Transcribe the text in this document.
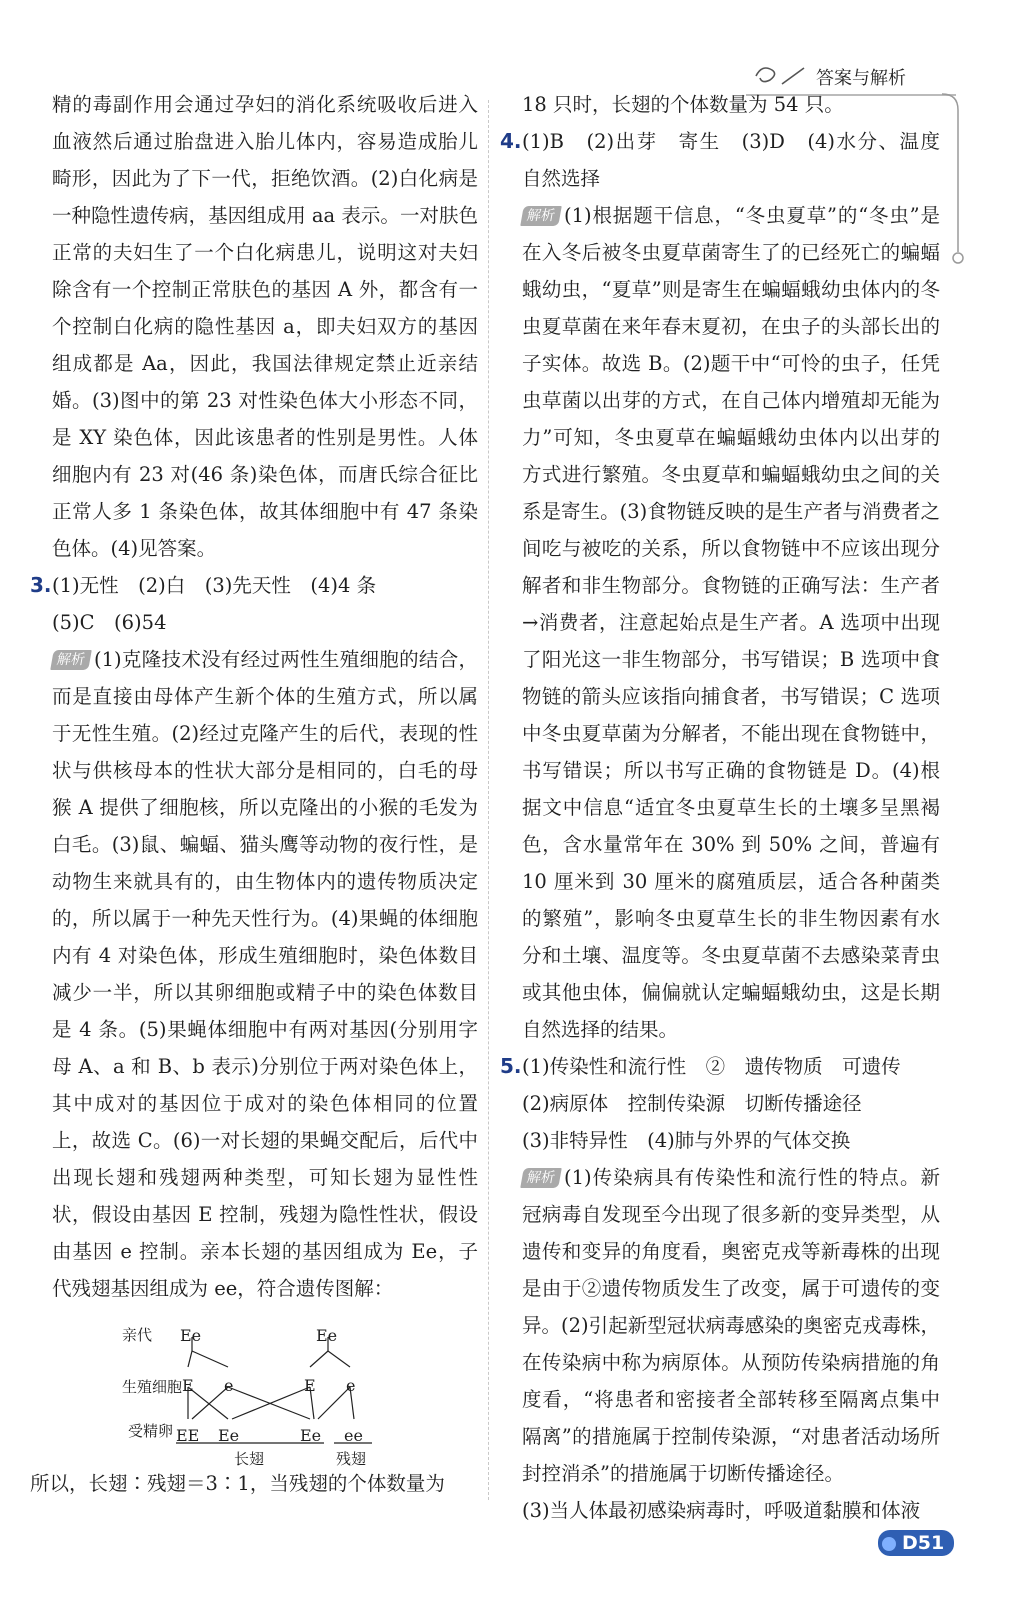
答案与解析

精的毒副作用会通过孕妇的消化系统吸收后进入血液然后通过胎盘进入胎儿体内，容易造成胎儿畸形，因此为了下一代，拒绝饮酒。(2)白化病是一种隐性遗传病，基因组成用 aa 表示。一对肤色正常的夫妇生了一个白化病患儿，说明这对夫妇除含有一个控制正常肤色的基因 A 外，都含有一个控制白化病的隐性基因 a，即夫妇双方的基因组成都是 Aa，因此，我国法律规定禁止近亲结婚。(3)图中的第 23 对性染色体大小形态不同，是 XY 染色体，因此该患者的性别是男性。人体细胞内有 23 对(46 条)染色体，而唐氏综合征比正常人多 1 条染色体，故其体细胞中有 47 条染色体。(4)见答案。

3.(1)无性　(2)白　(3)先天性　(4)4 条

(5)C　(6)54

解析 (1)克隆技术没有经过两性生殖细胞的结合，而是直接由母体产生新个体的生殖方式，所以属于无性生殖。(2)经过克隆产生的后代，表现的性状与供核母本的性状大部分是相同的，白毛的母猴 A 提供了细胞核，所以克隆出的小猴的毛发为白毛。(3)鼠、蝙蝠、猫头鹰等动物的夜行性，是动物生来就具有的，由生物体内的遗传物质决定的，所以属于一种先天性行为。(4)果蝇的体细胞内有 4 对染色体，形成生殖细胞时，染色体数目减少一半，所以其卵细胞或精子中的染色体数目是 4 条。(5)果蝇体细胞中有两对基因(分别用字母 A、a 和 B、b 表示)分别位于两对染色体上，其中成对的基因位于成对的染色体相同的位置上，故选 C。(6)一对长翅的果蝇交配后，后代中出现长翅和残翅两种类型，可知长翅为显性性状，假设由基因 E 控制，残翅为隐性性状，假设由基因 e 控制。亲本长翅的基因组成为 Ee，子代残翅基因组成为 ee，符合遗传图解：

亲代
生殖细胞
受精卵
Ee	Ee
E e	E e
EE Ee	Ee ee
长翅	残翅

所以，长翅∶残翅＝3∶1，当残翅的个体数量为

18 只时，长翅的个体数量为 54 只。

4.(1)B　(2)出芽　寄生　(3)D　(4)水分、温度　自然选择

解析 (1)根据题干信息，“冬虫夏草”的“冬虫”是在入冬后被冬虫夏草菌寄生了的已经死亡的蝙蝠蛾幼虫，“夏草”则是寄生在蝙蝠蛾幼虫体内的冬虫夏草菌在来年春末夏初，在虫子的头部长出的子实体。故选 B。(2)题干中“可怜的虫子，任凭虫草菌以出芽的方式，在自己体内增殖却无能为力”可知，冬虫夏草在蝙蝠蛾幼虫体内以出芽的方式进行繁殖。冬虫夏草和蝙蝠蛾幼虫之间的关系是寄生。(3)食物链反映的是生产者与消费者之间吃与被吃的关系，所以食物链中不应该出现分解者和非生物部分。食物链的正确写法：生产者→消费者，注意起始点是生产者。A 选项中出现了阳光这一非生物部分，书写错误；B 选项中食物链的箭头应该指向捕食者，书写错误；C 选项中冬虫夏草菌为分解者，不能出现在食物链中，书写错误；所以书写正确的食物链是 D。(4)根据文中信息“适宜冬虫夏草生长的土壤多呈黑褐色，含水量常年在 30% 到 50% 之间，普遍有 10 厘米到 30 厘米的腐殖质层，适合各种菌类的繁殖”，影响冬虫夏草生长的非生物因素有水分和土壤、温度等。冬虫夏草菌不去感染菜青虫或其他虫体，偏偏就认定蝙蝠蛾幼虫，这是长期自然选择的结果。

5.(1)传染性和流行性　②　遗传物质　可遗传

(2)病原体　控制传染源　切断传播途径

(3)非特异性　(4)肺与外界的气体交换

解析 (1)传染病具有传染性和流行性的特点。新冠病毒自发现至今出现了很多新的变异类型，从遗传和变异的角度看，奥密克戎等新毒株的出现是由于②遗传物质发生了改变，属于可遗传的变异。(2)引起新型冠状病毒感染的奥密克戎毒株，在传染病中称为病原体。从预防传染病措施的角度看，“将患者和密接者全部转移至隔离点集中隔离”的措施属于控制传染源，“对患者活动场所封控消杀”的措施属于切断传播途径。

(3)当人体最初感染病毒时，呼吸道黏膜和体液

D51
